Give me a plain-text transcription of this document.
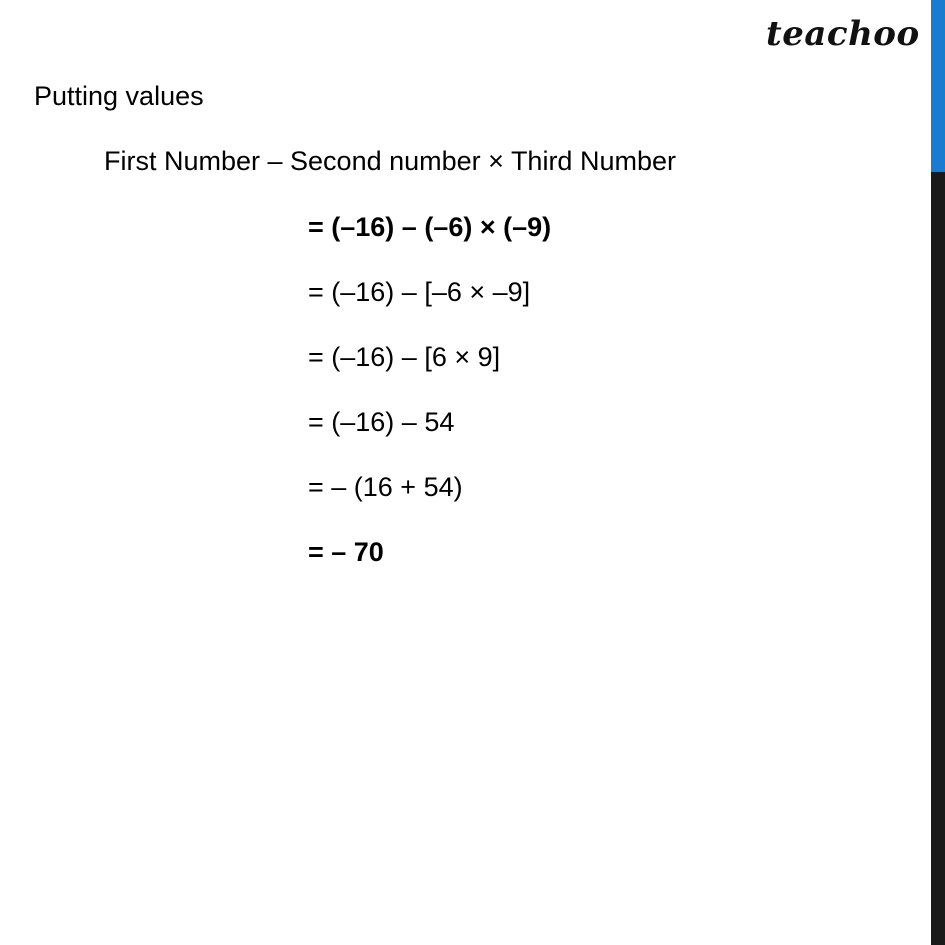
teachoo
Putting values
First Number – Second number × Third Number
= (–16) – (–6) × (–9)
= (–16) – [–6 × –9]
= (–16) – [6 × 9]
= (–16) – 54
= – (16 + 54)
= – 70
